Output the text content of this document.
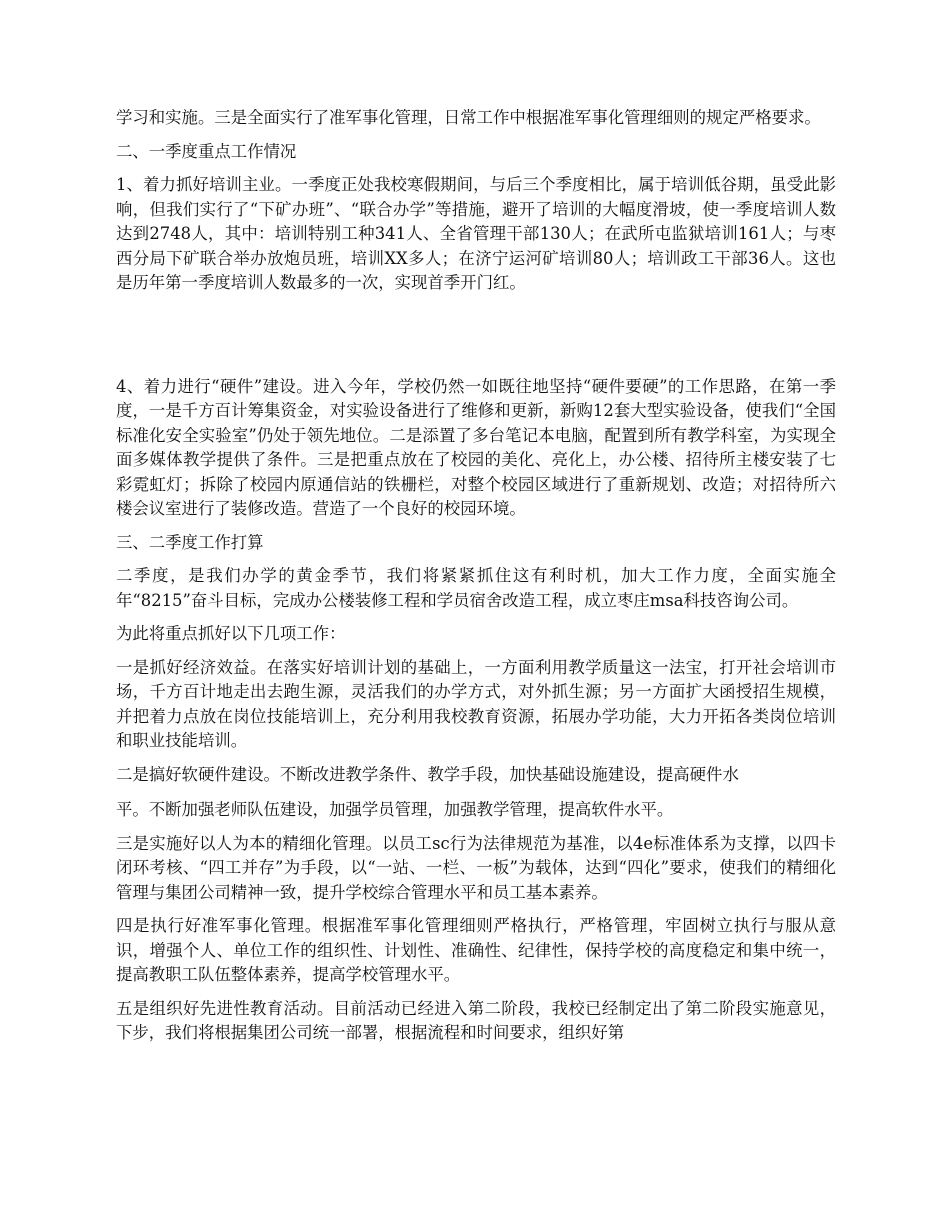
学习和实施。三是全面实行了准军事化管理，日常工作中根据准军事化管理细则的规定严格要求。

二、一季度重点工作情况

1、着力抓好培训主业。一季度正处我校寒假期间，与后三个季度相比，属于培训低谷期，虽受此影响，但我们实行了“下矿办班”、“联合办学”等措施，避开了培训的大幅度滑坡，使一季度培训人数达到2748人，其中：培训特别工种341人、全省管理干部130人；在武所屯监狱培训161人；与枣西分局下矿联合举办放炮员班，培训XX多人；在济宁运河矿培训80人；培训政工干部36人。这也是历年第一季度培训人数最多的一次，实现首季开门红。

4、着力进行“硬件”建设。进入今年，学校仍然一如既往地坚持“硬件要硬”的工作思路，在第一季度，一是千方百计筹集资金，对实验设备进行了维修和更新，新购12套大型实验设备，使我们“全国标准化安全实验室”仍处于领先地位。二是添置了多台笔记本电脑，配置到所有教学科室，为实现全面多媒体教学提供了条件。三是把重点放在了校园的美化、亮化上，办公楼、招待所主楼安装了七彩霓虹灯；拆除了校园内原通信站的铁栅栏，对整个校园区域进行了重新规划、改造；对招待所六楼会议室进行了装修改造。营造了一个良好的校园环境。

三、二季度工作打算

二季度，是我们办学的黄金季节，我们将紧紧抓住这有利时机，加大工作力度，全面实施全年“8215”奋斗目标，完成办公楼装修工程和学员宿舍改造工程，成立枣庄msa科技咨询公司。

为此将重点抓好以下几项工作：

一是抓好经济效益。在落实好培训计划的基础上，一方面利用教学质量这一法宝，打开社会培训市场，千方百计地走出去跑生源，灵活我们的办学方式，对外抓生源；另一方面扩大函授招生规模，并把着力点放在岗位技能培训上，充分利用我校教育资源，拓展办学功能，大力开拓各类岗位培训和职业技能培训。

二是搞好软硬件建设。不断改进教学条件、教学手段，加快基础设施建设，提高硬件水

平。不断加强老师队伍建设，加强学员管理，加强教学管理，提高软件水平。

三是实施好以人为本的精细化管理。以员工sc行为法律规范为基准，以4e标准体系为支撑，以四卡闭环考核、“四工并存”为手段，以“一站、一栏、一板”为载体，达到“四化”要求，使我们的精细化管理与集团公司精神一致，提升学校综合管理水平和员工基本素养。

四是执行好准军事化管理。根据准军事化管理细则严格执行，严格管理，牢固树立执行与服从意识，增强个人、单位工作的组织性、计划性、准确性、纪律性，保持学校的高度稳定和集中统一，提高教职工队伍整体素养，提高学校管理水平。

五是组织好先进性教育活动。目前活动已经进入第二阶段，我校已经制定出了第二阶段实施意见，下步，我们将根据集团公司统一部署，根据流程和时间要求，组织好第
